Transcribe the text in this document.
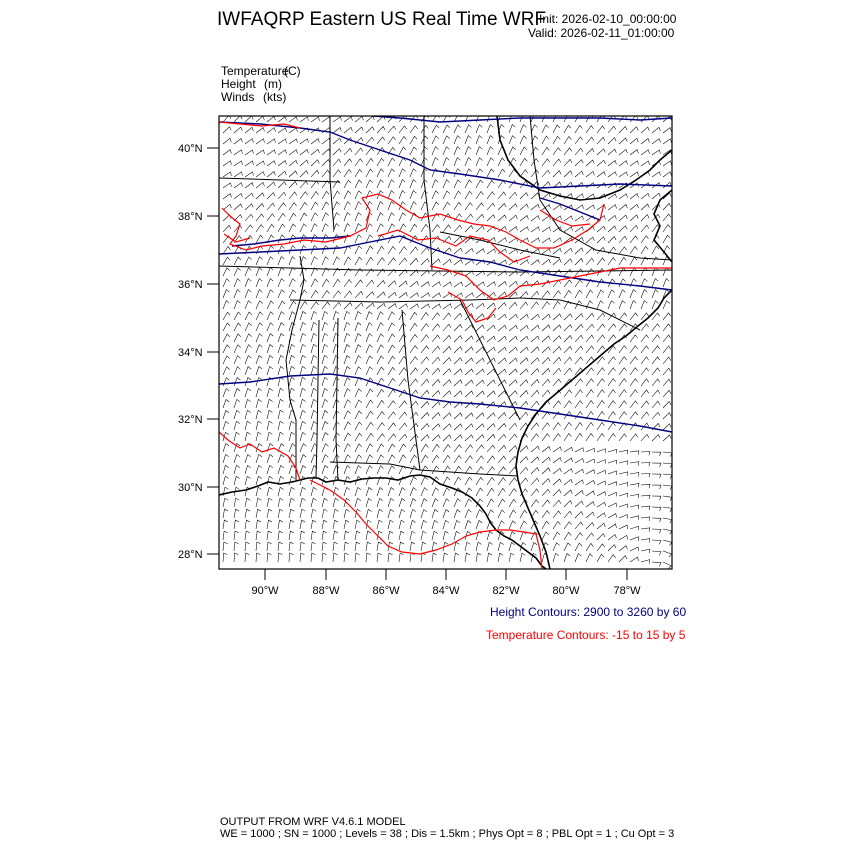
IWFAQRP Eastern US Real Time WRF
Init: 2026-02-10_00:00:00
Valid: 2026-02-11_01:00:00
Temperature(C)
Height (m)
Winds (kts)
40°N
38°N
36°N
34°N
32°N
30°N
28°N
90°W	88°W	86°W	84°W	82°W	80°W	78°W
Height Contours: 2900 to 3260 by 60
Temperature Contours: -15 to 15 by 5
OUTPUT FROM WRF V4.6.1 MODEL
WE = 1000 ; SN = 1000 ; Levels = 38 ; Dis = 1.5km ; Phys Opt = 8 ; PBL Opt = 1 ; Cu Opt = 3
